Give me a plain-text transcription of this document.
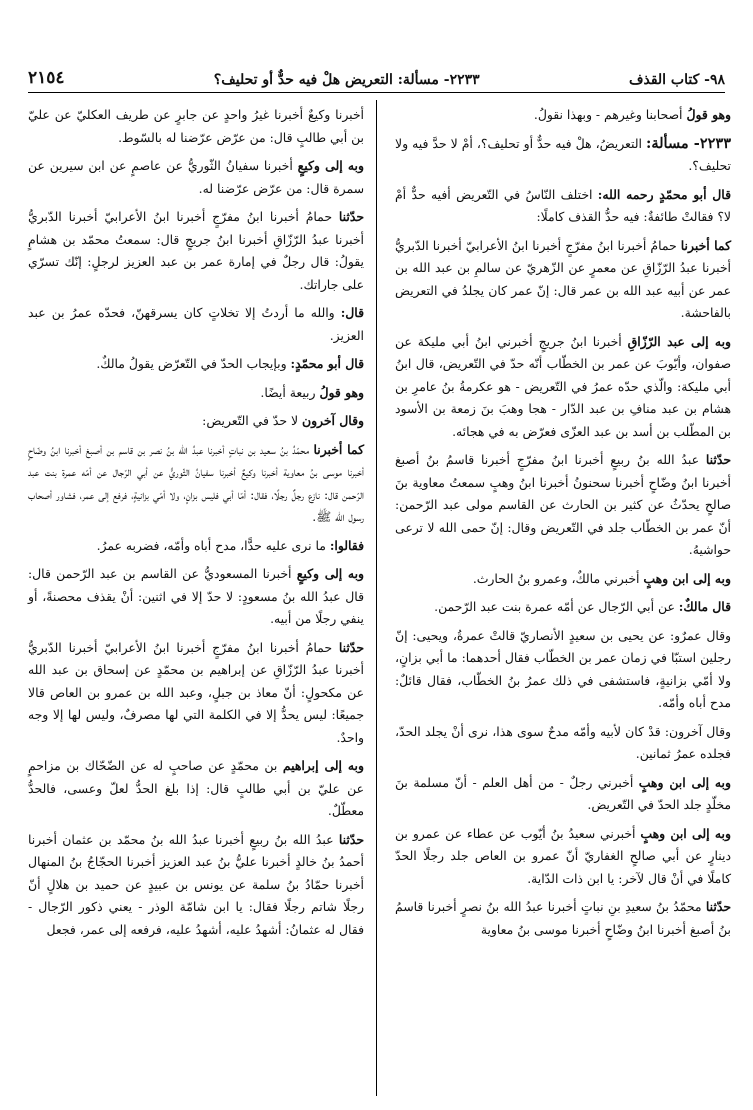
٩٨- كتاب القذف
٢٢٣٣- مسألة: التعريض هلْ فيه حدٌّ أو تحليف؟
٢١٥٤

وهو قولُ أصحابنا وغيرهم - وبهذا نقولُ.

٢٢٣٣- مسألة: التعريضُ، هلْ فيه حدٌّ أو تحليف؟، أمْ لا حدَّ فيه ولا تحليف؟.

قال أبو محمّدٍ رحمه الله: اختلف النّاسُ في التّعريض أفيه حدٌّ أمْ لا؟ فقالتْ طائفةٌ: فيه حدُّ القذف كاملًا:

كما أخبرنا حمامُ أخبرنا ابنُ مفرّجٍ أخبرنا ابنُ الأعرابيّ أخبرنا الدّبريُّ أخبرنا عبدُ الرّزّاقِ عن معمرٍ عن الزّهريّ عن سالمِ بن عبد الله بن عمر عن أبيه عبد الله بن عمر قال: إنّ عمر كان يجلدُ في التعريض بالفاحشة.

وبه إلى عبد الرّزّاقِ أخبرنا ابنُ جريجٍ أخبرني ابنُ أبي مليكة عن صفوان، وأيّوبَ عن عمر بن الخطّاب أنّه حدّ في التّعريض، قال ابنُ أبي مليكة: والّذي حدّه عمرُ في التّعريض - هو عكرمةُ بنُ عامرِ بن هشام بن عبد منافِ بن عبد الدّار - هجا وهبَ بنَ زمعة بن الأسود بن المطّلب بن أسد بن عبد العزّى فعرّض به في هجائه.

حدّثنا عبدُ الله بنُ ربيعٍ أخبرنا ابنُ مفرّجٍ أخبرنا قاسمُ بنُ أصبغ أخبرنا ابنُ وضّاحٍ أخبرنا سحنونُ أخبرنا ابنُ وهبٍ سمعتُ معاوية بنَ صالحٍ يحدّثُ عن كثير بن الحارث عن القاسم مولى عبد الرّحمن: أنّ عمر بن الخطّاب جلد في التّعريض وقال: إنّ حمى الله لا ترعى حواشيهُ.

وبه إلى ابن وهبٍ أخبرني مالكٌ، وعمرو بنُ الحارث.

قال مالكٌ: عن أبي الرّجال عن أمّه عمرة بنت عبد الرّحمن.

وقال عمرٌو: عن يحيى بن سعيدٍ الأنصاريّ قالتْ عمرةُ، ويحيى: إنّ رجلين استبّا في زمان عمر بن الخطّاب فقال أحدهما: ما أبي بزانٍ، ولا أمّي بزانيةٍ، فاستشفى في ذلك عمرُ بنُ الخطّاب، فقال قائلٌ: مدح أباه وأمّه.

وقال آخرون: قدْ كان لأبيه وأمّه مدحٌ سوى هذا، نرى أنْ يجلد الحدّ، فجلده عمرُ ثمانين.

وبه إلى ابن وهبٍ أخبرني رجلٌ - من أهل العلم - أنّ مسلمة بنَ مخلّدٍ جلد الحدّ في التّعريض.

وبه إلى ابن وهبٍ أخبرني سعيدُ بنُ أيّوب عن عطاء عن عمرو بن دينارٍ عن أبي صالحٍ الغفاريّ أنّ عمرو بن العاص جلد رجلًا الحدّ كاملًا في أنْ قال لآخر: يا ابن ذات الدّاية.

حدّثنا محمّدُ بنُ سعيدِ بنِ نباتٍ أخبرنا عبدُ الله بنُ نصرٍ أخبرنا قاسمُ بنُ أصبغ أخبرنا ابنُ وضّاحٍ أخبرنا موسى بنُ معاوية

أخبرنا وكيعٌ أخبرنا غيرُ واحدٍ عن جابرٍ عن طريف العكليّ عن عليّ بن أبي طالبٍ قال: من عرّض عرّضنا له بالسّوط.

وبه إلى وكيعٍ أخبرنا سفيانُ الثّوريُّ عن عاصمٍ عن ابن سيرين عن سمرة قال: من عرّض عرّضنا له.

حدّثنا حمامُ أخبرنا ابنُ مفرّجٍ أخبرنا ابنُ الأعرابيّ أخبرنا الدّبريُّ أخبرنا عبدُ الرّزّاقِ أخبرنا ابنُ جريجٍ قال: سمعتُ محمّد بن هشامٍ يقولُ: قال رجلٌ في إمارة عمر بن عبد العزيز لرجلٍ: إنّك تسرّي على جاراتك.

قال: والله ما أردتُ إلا تخلاتٍ كان يسرقهنّ، فحدّه عمرُ بن عبد العزيز.

قال أبو محمّدٍ: وبإيجاب الحدّ في التّعرّض يقولُ مالكٌ.

وهو قولُ ربيعة أيضًا.

وقال آخرون لا حدّ في التّعريض:

كما أخبرنا محمّدُ بنُ سعيد بن نباتٍ أخبرنا عبدُ الله بنُ نصر بن قاسم بن أصبغ أخبرنا ابنُ وضّاحٍ أخبرنا موسى بنُ معاوية أخبرنا وكيعٌ أخبرنا سفيانُ الثّوريُّ عن أبي الرّجال عن أمّه عمرة بنت عبد الرّحمن قال: نازع رجلٌ رجلًا، فقال: أمّا أبي فليس بزانٍ، ولا أمّي بزانيةٍ، فرفع إلى عمر، فشاور أصحاب رسول الله ﷺ.

فقالوا: ما نرى عليه حدًّا، مدح أباه وأمّه، فضربه عمرُ.

وبه إلى وكيعٍ أخبرنا المسعوديُّ عن القاسم بن عبد الرّحمن قال: قال عبدُ الله بنُ مسعودٍ: لا حدّ إلا في اثنين: أنْ يقذف محصنةً، أو ينفي رجلًا من أبيه.

حدّثنا حمامُ أخبرنا ابنُ مفرّجٍ أخبرنا ابنُ الأعرابيّ أخبرنا الدّبريُّ أخبرنا عبدُ الرّزّاقِ عن إبراهيم بن محمّدٍ عن إسحاق بن عبد الله عن مكحولٍ: أنّ معاذ بن جبلٍ، وعبد الله بن عمرو بن العاص قالا جميعًا: ليس يحدُّ إلا في الكلمة التي لها مصرفٌ، وليس لها إلا وجه واحدٌ.

وبه إلى إبراهيم بن محمّدٍ عن صاحبٍ له عن الضّحّاك بن مزاحمٍ عن عليّ بن أبي طالبٍ قال: إذا بلغ الحدُّ لعلّ وعسى، فالحدُّ معطّلٌ.

حدّثنا عبدُ الله بنُ ربيعٍ أخبرنا عبدُ الله بنُ محمّد بن عثمان أخبرنا أحمدُ بنُ خالدٍ أخبرنا عليُّ بنُ عبد العزيز أخبرنا الحجّاجُ بنُ المنهال أخبرنا حمّادُ بنُ سلمة عن يونس بن عبيدٍ عن حميد بن هلالٍ أنّ رجلًا شاتم رجلًا فقال: يا ابن شامّة الوذر - يعني ذكور الرّجال - فقال له عثمانُ: أشهدُ عليه، أشهدُ عليه، فرفعه إلى عمر، فجعل
